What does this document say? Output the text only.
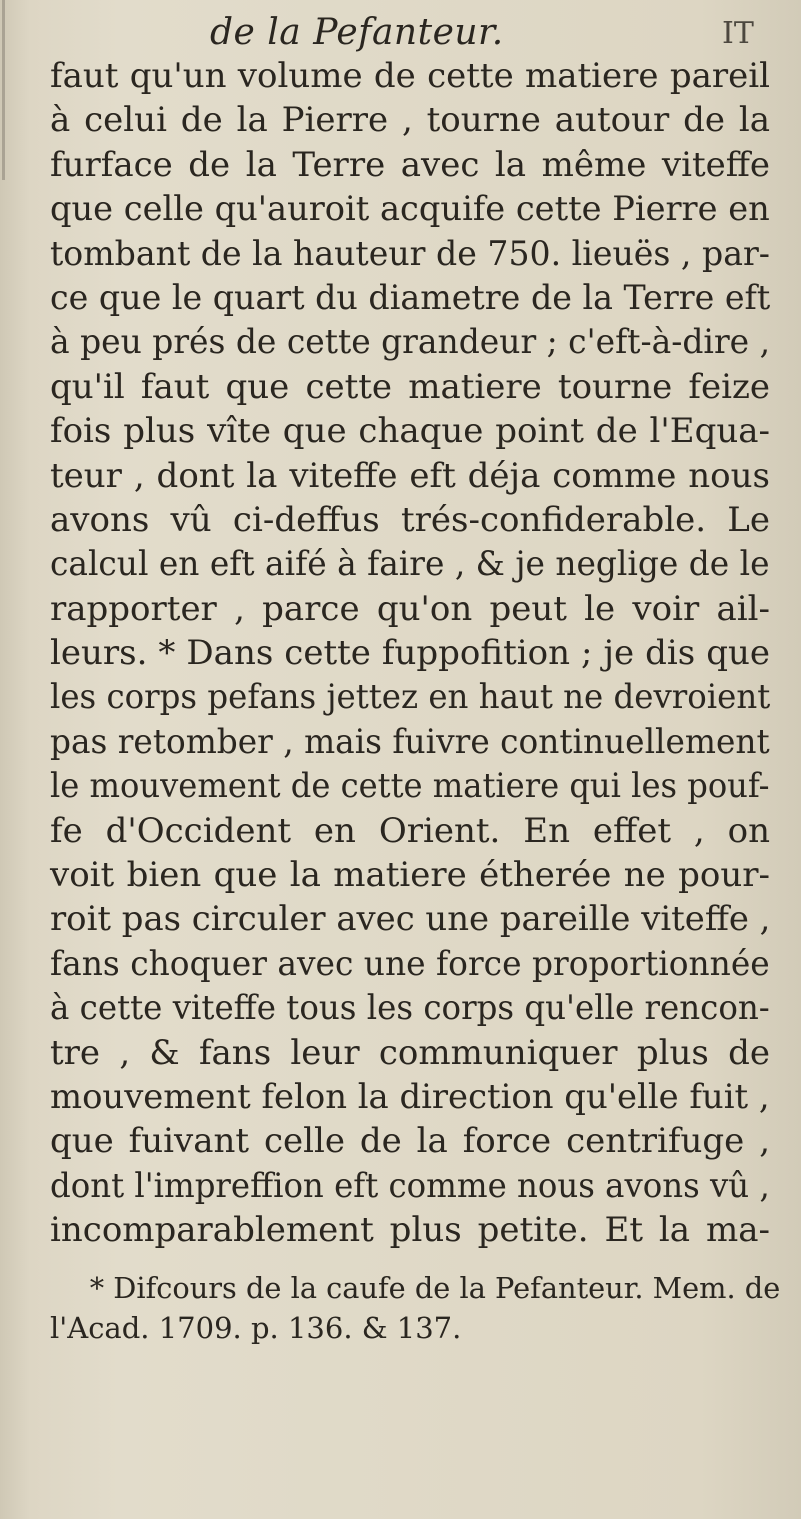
de la Pefanteur.	IT
faut qu'un volume de cette matiere pareil
à celui de la Pierre , tourne autour de la
furface de la Terre avec la même viteffe
que celle qu'auroit acquife cette Pierre en
tombant de la hauteur de 750. lieuës , par-
ce que le quart du diametre de la Terre eft
à peu prés de cette grandeur ; c'eft-à-dire ,
qu'il faut que cette matiere tourne feize
fois plus vîte que chaque point de l'Equa-
teur , dont la viteffe eft déja comme nous
avons vû ci-deffus trés-confiderable. Le
calcul en eft aifé à faire , & je neglige de le
rapporter , parce qu'on peut le voir ail-
leurs. * Dans cette fuppofition ; je dis que
les corps pefans jettez en haut ne devroient
pas retomber , mais fuivre continuellement
le mouvement de cette matiere qui les pouf-
fe d'Occident en Orient. En effet , on
voit bien que la matiere étherée ne pour-
roit pas circuler avec une pareille viteffe ,
fans choquer avec une force proportionnée
à cette viteffe tous les corps qu'elle rencon-
tre , & fans leur communiquer plus de
mouvement felon la direction qu'elle fuit ,
que fuivant celle de la force centrifuge ,
dont l'impreffion eft comme nous avons vû ,
incomparablement plus petite. Et la ma-
* Difcours de la caufe de la Pefanteur. Mem. de
l'Acad. 1709. p. 136. & 137.
